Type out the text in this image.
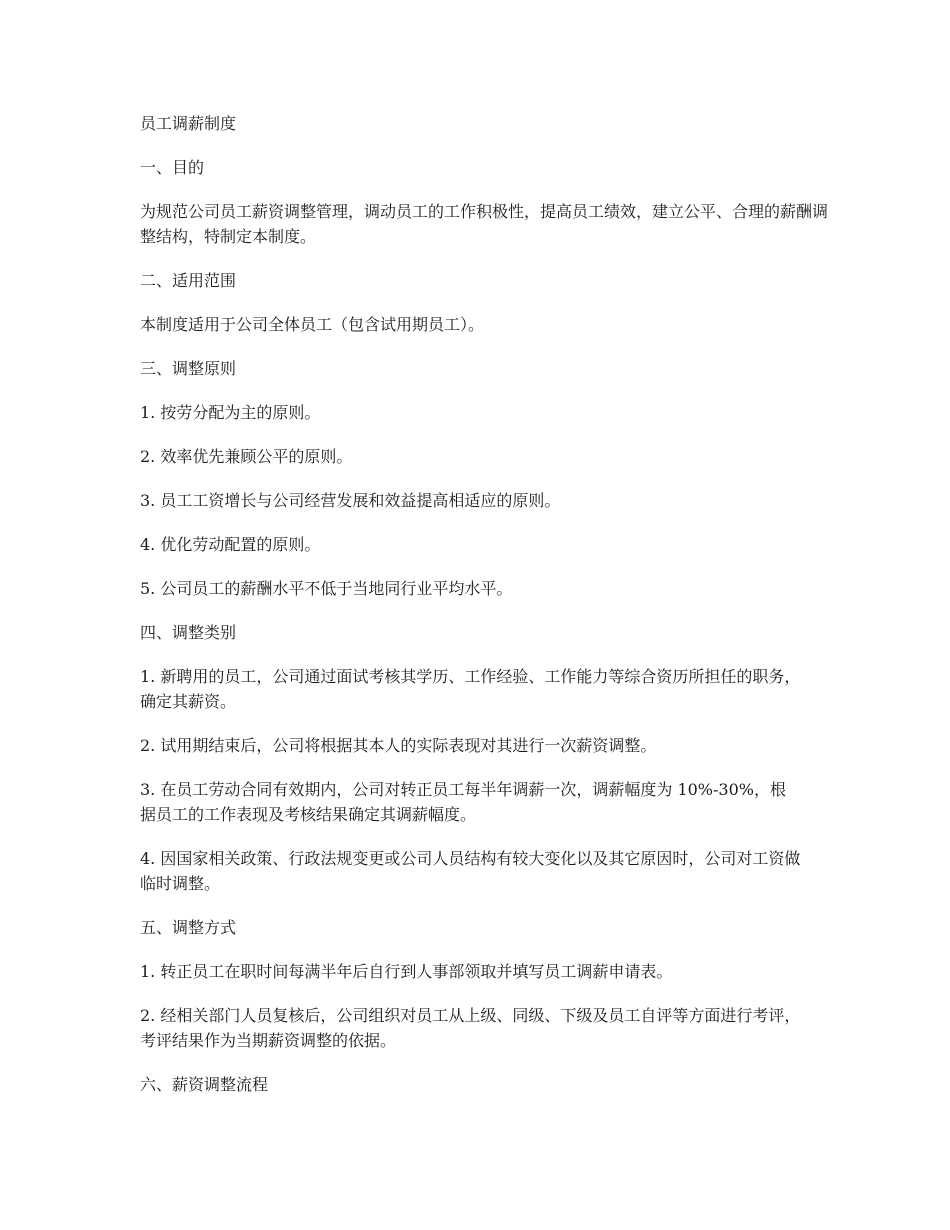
员工调薪制度

一、目的

为规范公司员工薪资调整管理，调动员工的工作积极性，提高员工绩效，建立公平、合理的薪酬调整结构，特制定本制度。

二、适用范围

本制度适用于公司全体员工（包含试用期员工）。

三、调整原则

1. 按劳分配为主的原则。

2. 效率优先兼顾公平的原则。

3. 员工工资增长与公司经营发展和效益提高相适应的原则。

4. 优化劳动配置的原则。

5. 公司员工的薪酬水平不低于当地同行业平均水平。

四、调整类别

1. 新聘用的员工，公司通过面试考核其学历、工作经验、工作能力等综合资历所担任的职务，确定其薪资。

2. 试用期结束后，公司将根据其本人的实际表现对其进行一次薪资调整。

3. 在员工劳动合同有效期内，公司对转正员工每半年调薪一次，调薪幅度为 10%-30%，根据员工的工作表现及考核结果确定其调薪幅度。

4. 因国家相关政策、行政法规变更或公司人员结构有较大变化以及其它原因时，公司对工资做临时调整。

五、调整方式

1. 转正员工在职时间每满半年后自行到人事部领取并填写员工调薪申请表。

2. 经相关部门人员复核后，公司组织对员工从上级、同级、下级及员工自评等方面进行考评，考评结果作为当期薪资调整的依据。

六、薪资调整流程
